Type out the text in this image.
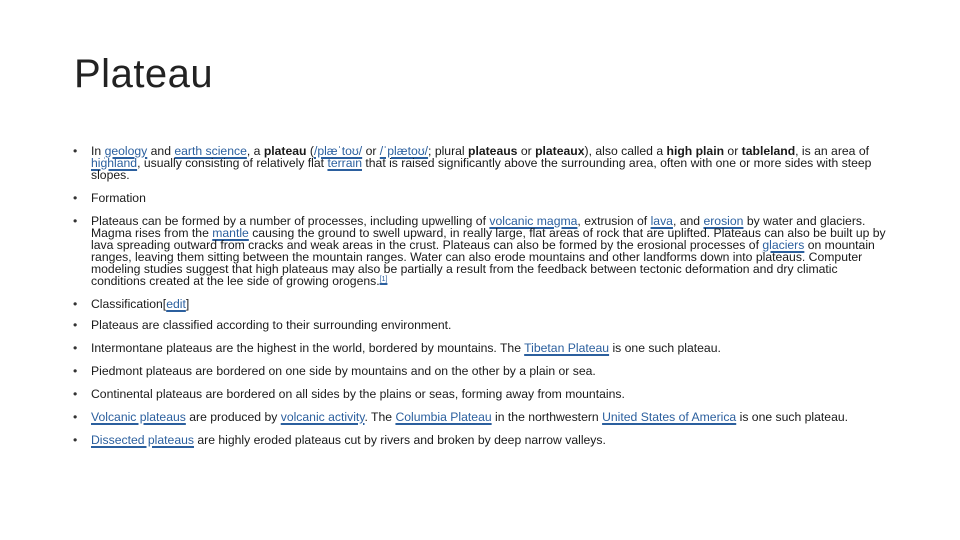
Plateau
• In geology and earth science, a plateau (/plæˈtoʊ/ or /ˈplætoʊ/; plural plateaus or plateaux), also called a high plain or tableland, is an area of highland, usually consisting of relatively flat terrain that is raised significantly above the surrounding area, often with one or more sides with steep slopes.
• Formation
• Plateaus can be formed by a number of processes, including upwelling of volcanic magma, extrusion of lava, and erosion by water and glaciers. Magma rises from the mantle causing the ground to swell upward, in really large, flat areas of rock that are uplifted. Plateaus can also be built up by lava spreading outward from cracks and weak areas in the crust. Plateaus can also be formed by the erosional processes of glaciers on mountain ranges, leaving them sitting between the mountain ranges. Water can also erode mountains and other landforms down into plateaus. Computer modeling studies suggest that high plateaus may also be partially a result from the feedback between tectonic deformation and dry climatic conditions created at the lee side of growing orogens.[1]
• Classification[edit]
• Plateaus are classified according to their surrounding environment.
• Intermontane plateaus are the highest in the world, bordered by mountains. The Tibetan Plateau is one such plateau.
• Piedmont plateaus are bordered on one side by mountains and on the other by a plain or sea.
• Continental plateaus are bordered on all sides by the plains or seas, forming away from mountains.
• Volcanic plateaus are produced by volcanic activity. The Columbia Plateau in the northwestern United States of America is one such plateau.
• Dissected plateaus are highly eroded plateaus cut by rivers and broken by deep narrow valleys.
